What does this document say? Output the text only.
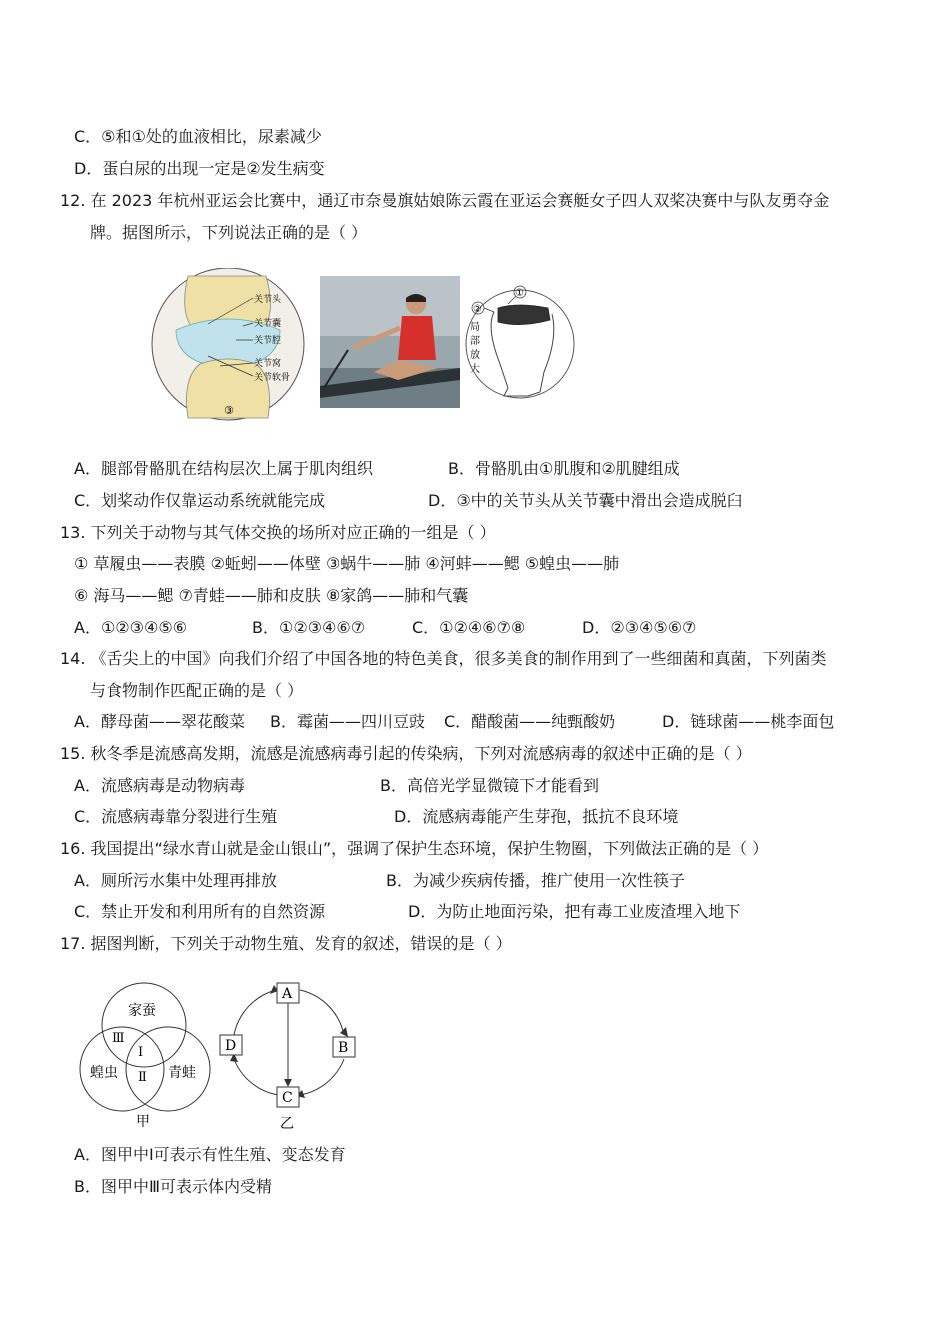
C．⑤和①处的血液相比，尿素减少
D．蛋白尿的出现一定是②发生病变
12. 在 2023 年杭州亚运会比赛中，通辽市奈曼旗姑娘陈云霞在亚运会赛艇女子四人双桨决赛中与队友勇夺金
牌。据图所示，下列说法正确的是（ ）
关节头
关节囊
关节腔
关节窝
关节软骨
③
①
②
局
部
放
大
A．腿部骨骼肌在结构层次上属于肌肉组织	B．骨骼肌由①肌腹和②肌腱组成
C．划桨动作仅靠运动系统就能完成	D．③中的关节头从关节囊中滑出会造成脱臼
13. 下列关于动物与其气体交换的场所对应正确的一组是（ ）
① 草履虫——表膜 ②蚯蚓——体壁 ③蜗牛——肺 ④河蚌——鳃 ⑤蝗虫——肺
⑥ 海马——鳃 ⑦青蛙——肺和皮肤 ⑧家鸽——肺和气囊
A．①②③④⑤⑥	B．①②③④⑥⑦	C．①②④⑥⑦⑧	D．②③④⑤⑥⑦
14. 《舌尖上的中国》向我们介绍了中国各地的特色美食，很多美食的制作用到了一些细菌和真菌，下列菌类
与食物制作匹配正确的是（ ）
A．酵母菌——翠花酸菜 B．霉菌——四川豆豉 C．醋酸菌——纯甄酸奶	D．链球菌——桃李面包
15. 秋冬季是流感高发期，流感是流感病毒引起的传染病，下列对流感病毒的叙述中正确的是（ ）
A．流感病毒是动物病毒	B．高倍光学显微镜下才能看到
C．流感病毒靠分裂进行生殖	D．流感病毒能产生芽孢，抵抗不良环境
16. 我国提出“绿水青山就是金山银山”，强调了保护生态环境，保护生物圈，下列做法正确的是（ ）
A．厕所污水集中处理再排放	B．为减少疾病传播，推广使用一次性筷子
C．禁止开发和利用所有的自然资源	D．为防止地面污染，把有毒工业废渣埋入地下
17. 据图判断，下列关于动物生殖、发育的叙述，错误的是（ ）
家蚕
蝗虫	青蛙
Ⅰ
Ⅱ
Ⅲ
甲
A
B
C
D
乙
A．图甲中Ⅰ可表示有性生殖、变态发育
B．图甲中Ⅲ可表示体内受精
